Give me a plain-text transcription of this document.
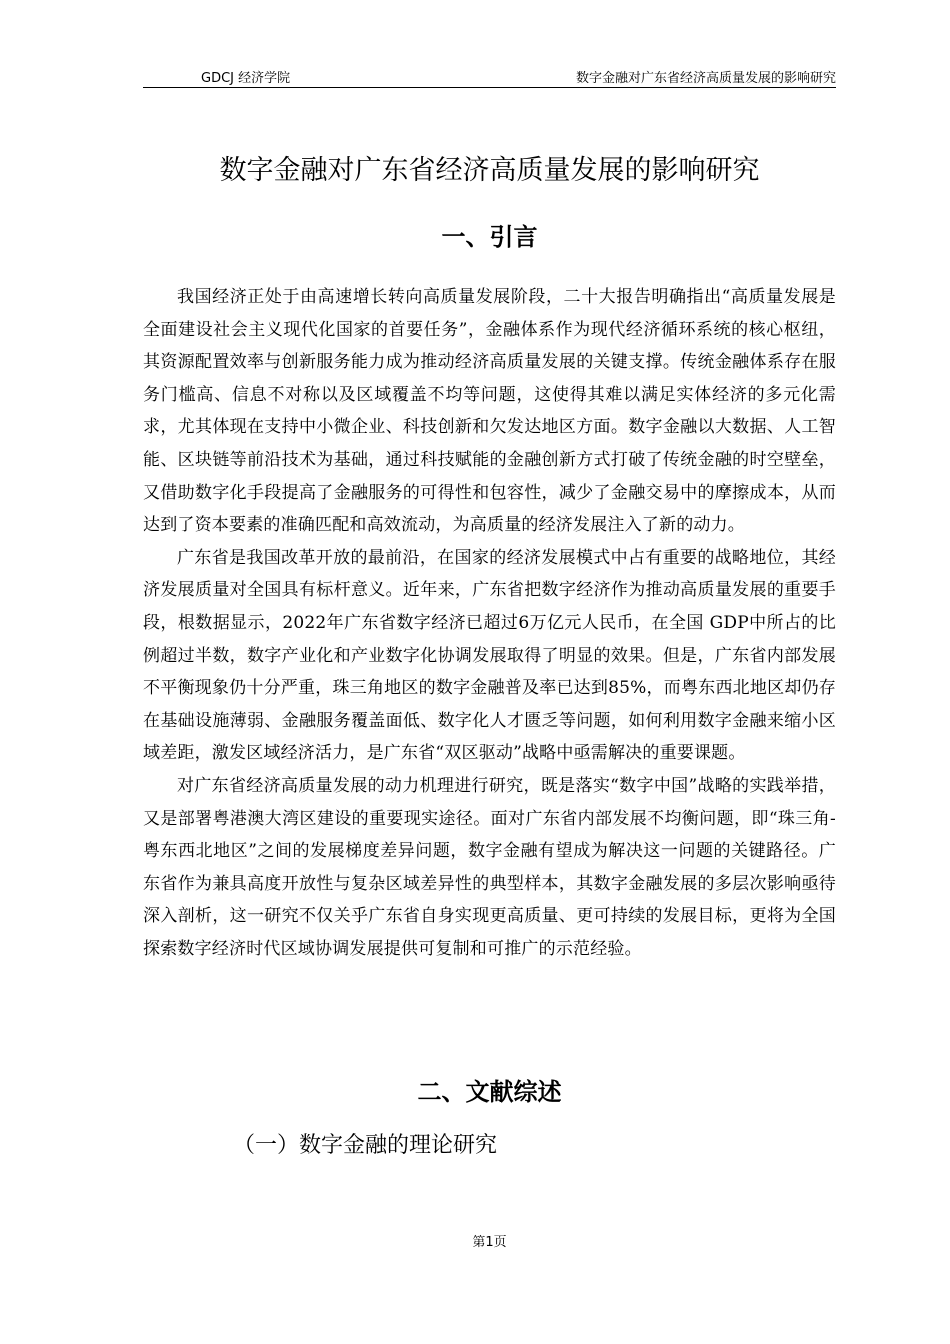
GDCJ 经济学院	数字金融对广东省经济高质量发展的影响研究
数字金融对广东省经济高质量发展的影响研究
一、引言

我国经济正处于由高速增长转向高质量发展阶段，二十大报告明确指出“高质量发展是全面建设社会主义现代化国家的首要任务”，金融体系作为现代经济循环系统的核心枢纽，其资源配置效率与创新服务能力成为推动经济高质量发展的关键支撑。传统金融体系存在服务门槛高、信息不对称以及区域覆盖不均等问题，这使得其难以满足实体经济的多元化需求，尤其体现在支持中小微企业、科技创新和欠发达地区方面。数字金融以大数据、人工智能、区块链等前沿技术为基础，通过科技赋能的金融创新方式打破了传统金融的时空壁垒，又借助数字化手段提高了金融服务的可得性和包容性，减少了金融交易中的摩擦成本，从而达到了资本要素的准确匹配和高效流动，为高质量的经济发展注入了新的动力。

广东省是我国改革开放的最前沿，在国家的经济发展模式中占有重要的战略地位，其经济发展质量对全国具有标杆意义。近年来，广东省把数字经济作为推动高质量发展的重要手段，根数据显示，2022年广东省数字经济已超过6万亿元人民币，在全国 GDP中所占的比例超过半数，数字产业化和产业数字化协调发展取得了明显的效果。但是，广东省内部发展不平衡现象仍十分严重，珠三角地区的数字金融普及率已达到85%，而粤东西北地区却仍存在基础设施薄弱、金融服务覆盖面低、数字化人才匮乏等问题，如何利用数字金融来缩小区域差距，激发区域经济活力，是广东省“双区驱动”战略中亟需解决的重要课题。

对广东省经济高质量发展的动力机理进行研究，既是落实“数字中国”战略的实践举措，又是部署粤港澳大湾区建设的重要现实途径。面对广东省内部发展不均衡问题，即“珠三角-粤东西北地区”之间的发展梯度差异问题，数字金融有望成为解决这一问题的关键路径。广东省作为兼具高度开放性与复杂区域差异性的典型样本，其数字金融发展的多层次影响亟待深入剖析，这一研究不仅关乎广东省自身实现更高质量、更可持续的发展目标，更将为全国探索数字经济时代区域协调发展提供可复制和可推广的示范经验。

二、文献综述
（一）数字金融的理论研究
第1页
